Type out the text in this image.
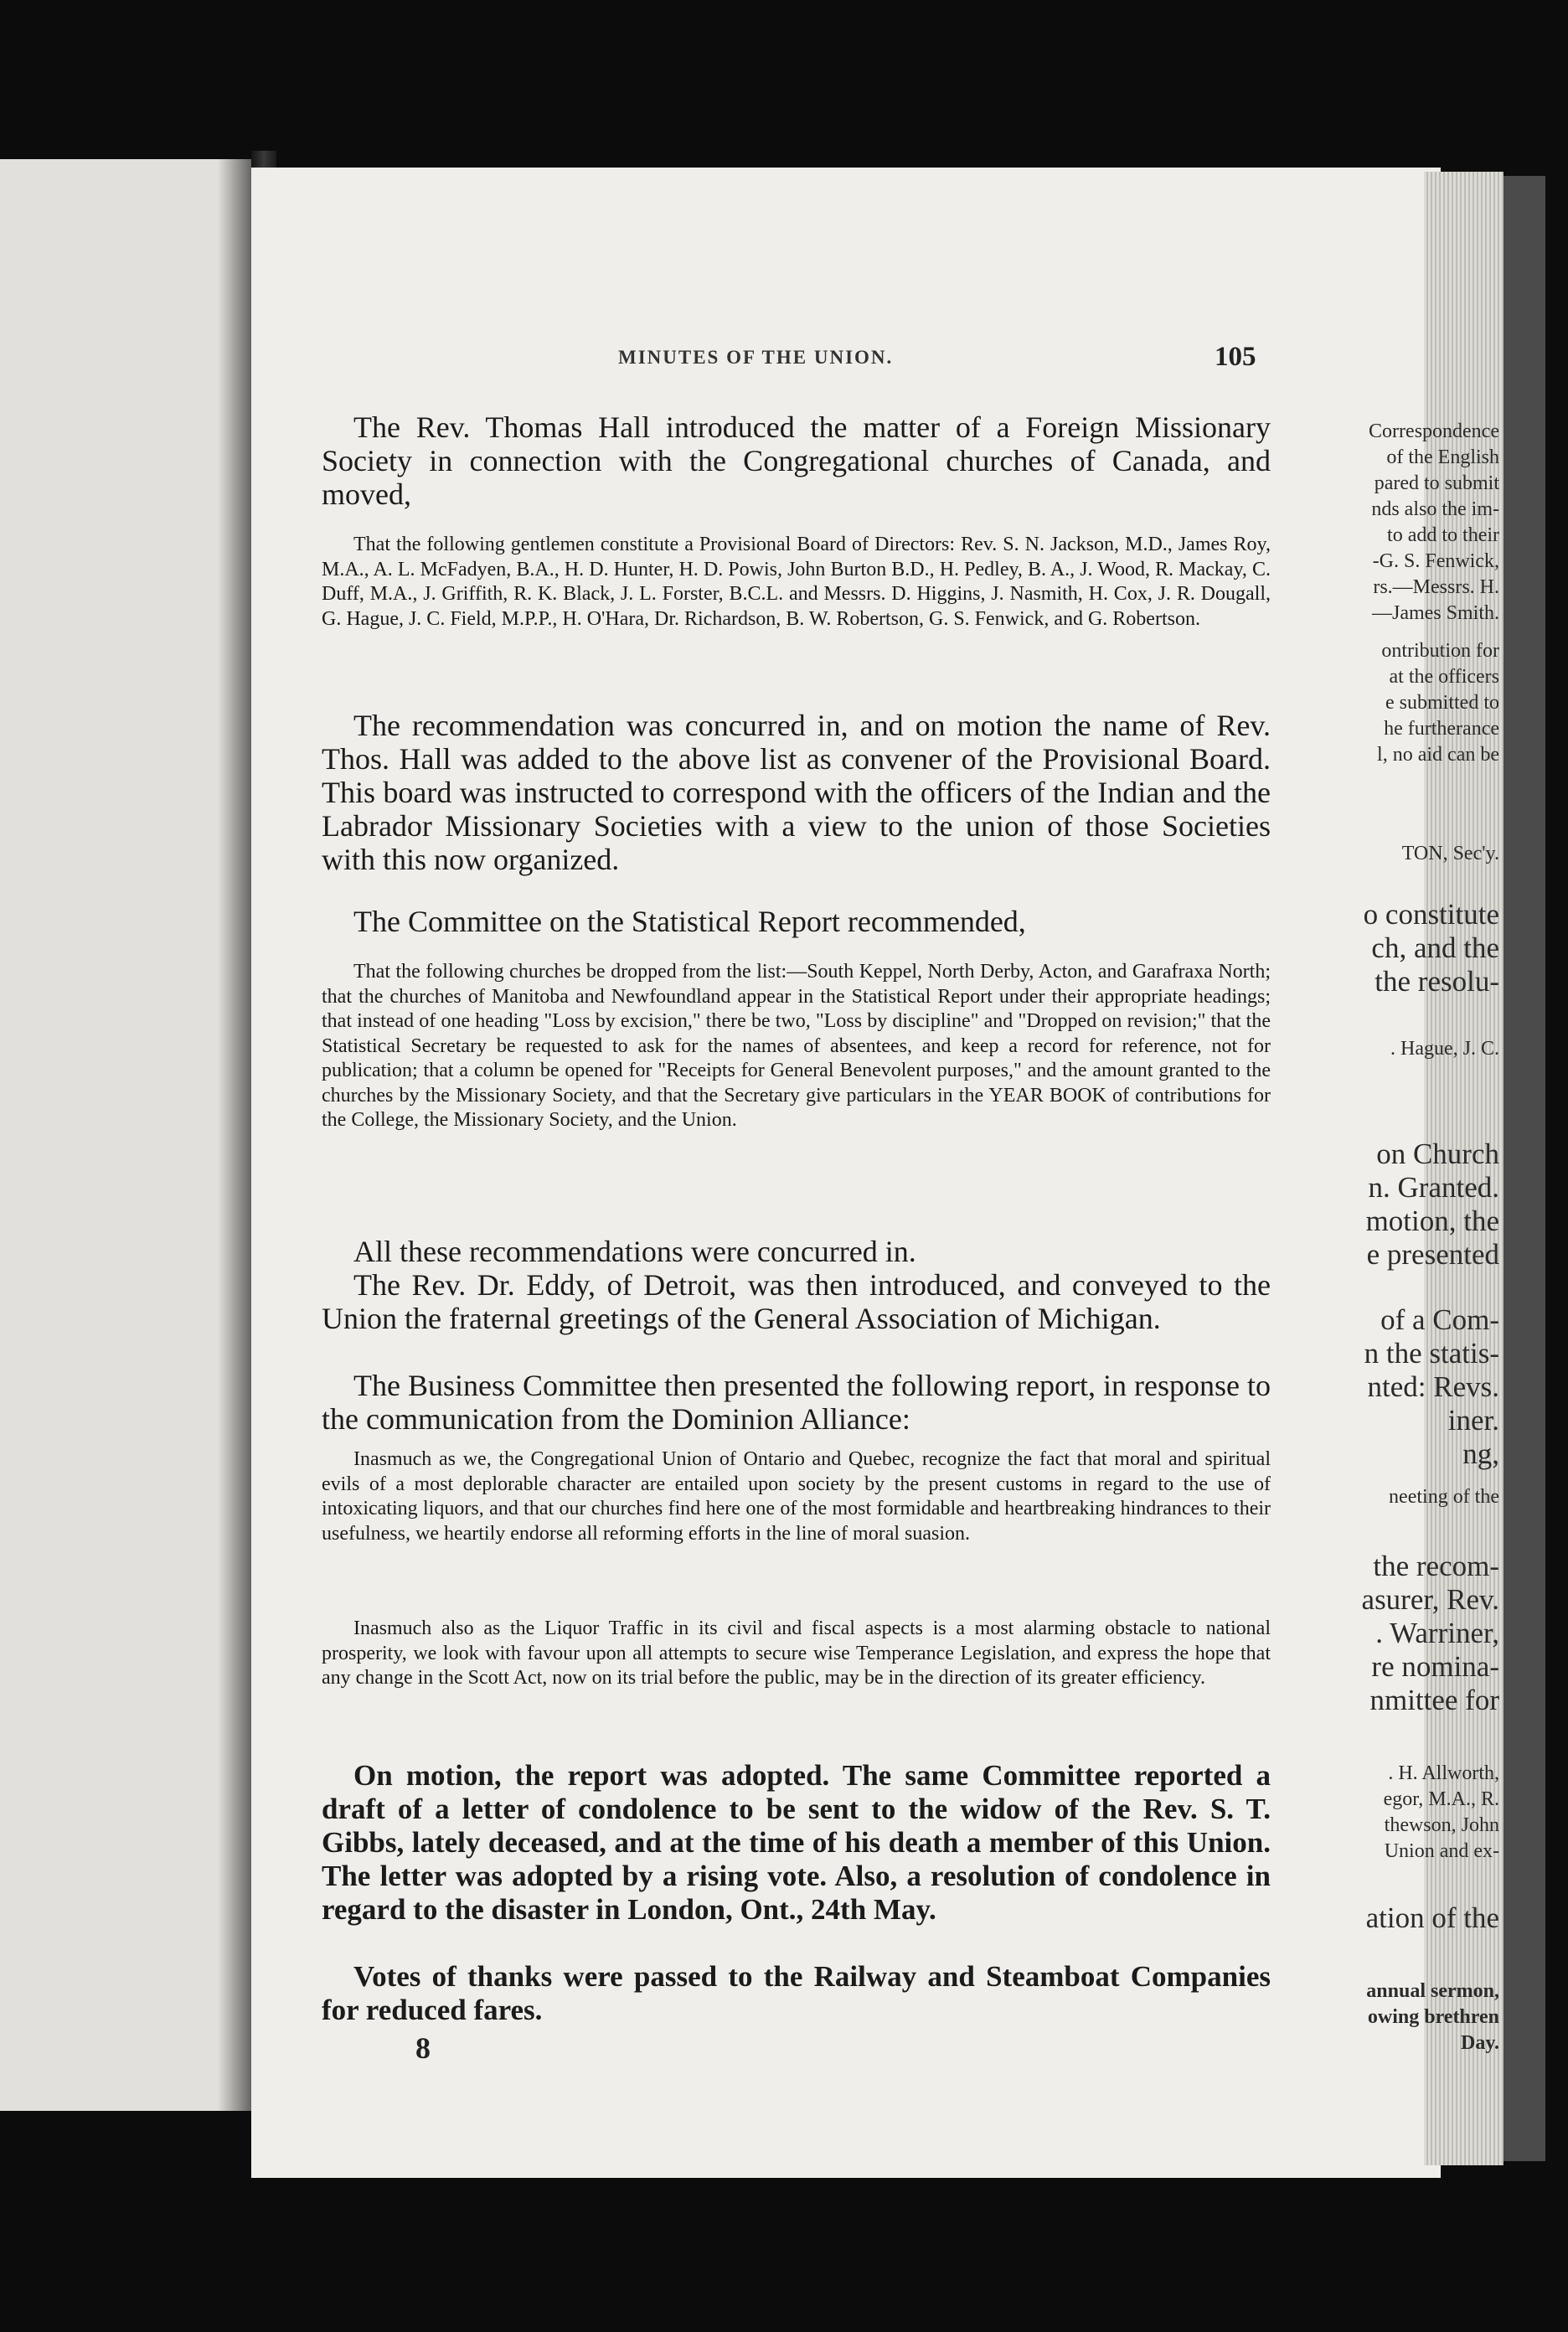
Correspondence
of the English
pared to submit
nds also the im-
to add to their
-G. S. Fenwick,
rs.—Messrs. H.
—James Smith.
ontribution for
at the officers
e submitted to
he furtherance
l, no aid can be
TON, Sec'y.
o constitute
ch, and the
the resolu-
. Hague, J. C.
on Church
n. Granted.
motion, the
e presented
of a Com-
n the statis-
nted: Revs.
iner.
ng,
neeting of the
the recom-
asurer, Rev.
. Warriner,
re nomina-
nmittee for
. H. Allworth,
egor, M.A., R.
thewson, John
Union and ex-
ation of the
annual sermon,
owing brethren
Day.
MINUTES OF THE UNION.	105

The Rev. Thomas Hall introduced the matter of a Foreign Missionary Society in connection with the Congregational churches of Canada, and moved,

That the following gentlemen constitute a Provisional Board of Directors: Rev. S. N. Jackson, M.D., James Roy, M.A., A. L. McFadyen, B.A., H. D. Hunter, H. D. Powis, John Burton B.D., H. Pedley, B. A., J. Wood, R. Mackay, C. Duff, M.A., J. Griffith, R. K. Black, J. L. Forster, B.C.L. and Messrs. D. Higgins, J. Nasmith, H. Cox, J. R. Dougall, G. Hague, J. C. Field, M.P.P., H. O'Hara, Dr. Richardson, B. W. Robertson, G. S. Fenwick, and G. Robertson.

The recommendation was concurred in, and on motion the name of Rev. Thos. Hall was added to the above list as convener of the Provisional Board. This board was instructed to correspond with the officers of the Indian and the Labrador Missionary Societies with a view to the union of those Societies with this now organized.

The Committee on the Statistical Report recommended,

That the following churches be dropped from the list:—South Keppel, North Derby, Acton, and Garafraxa North; that the churches of Manitoba and Newfoundland appear in the Statistical Report under their appropriate headings; that instead of one heading "Loss by excision," there be two, "Loss by discipline" and "Dropped on revision;" that the Statistical Secretary be requested to ask for the names of absentees, and keep a record for reference, not for publication; that a column be opened for "Receipts for General Benevolent purposes," and the amount granted to the churches by the Missionary Society, and that the Secretary give particulars in the YEAR BOOK of contributions for the College, the Missionary Society, and the Union.

All these recommendations were concurred in.

The Rev. Dr. Eddy, of Detroit, was then introduced, and conveyed to the Union the fraternal greetings of the General Association of Michigan.

The Business Committee then presented the following report, in response to the communication from the Dominion Alliance:

Inasmuch as we, the Congregational Union of Ontario and Quebec, recognize the fact that moral and spiritual evils of a most deplorable character are entailed upon society by the present customs in regard to the use of intoxicating liquors, and that our churches find here one of the most formidable and heartbreaking hindrances to their usefulness, we heartily endorse all reforming efforts in the line of moral suasion.

Inasmuch also as the Liquor Traffic in its civil and fiscal aspects is a most alarming obstacle to national prosperity, we look with favour upon all attempts to secure wise Temperance Legislation, and express the hope that any change in the Scott Act, now on its trial before the public, may be in the direction of its greater efficiency.

On motion, the report was adopted. The same Committee reported a draft of a letter of condolence to be sent to the widow of the Rev. S. T. Gibbs, lately deceased, and at the time of his death a member of this Union. The letter was adopted by a rising vote. Also, a resolution of condolence in regard to the disaster in London, Ont., 24th May.

Votes of thanks were passed to the Railway and Steamboat Companies for reduced fares.

8
